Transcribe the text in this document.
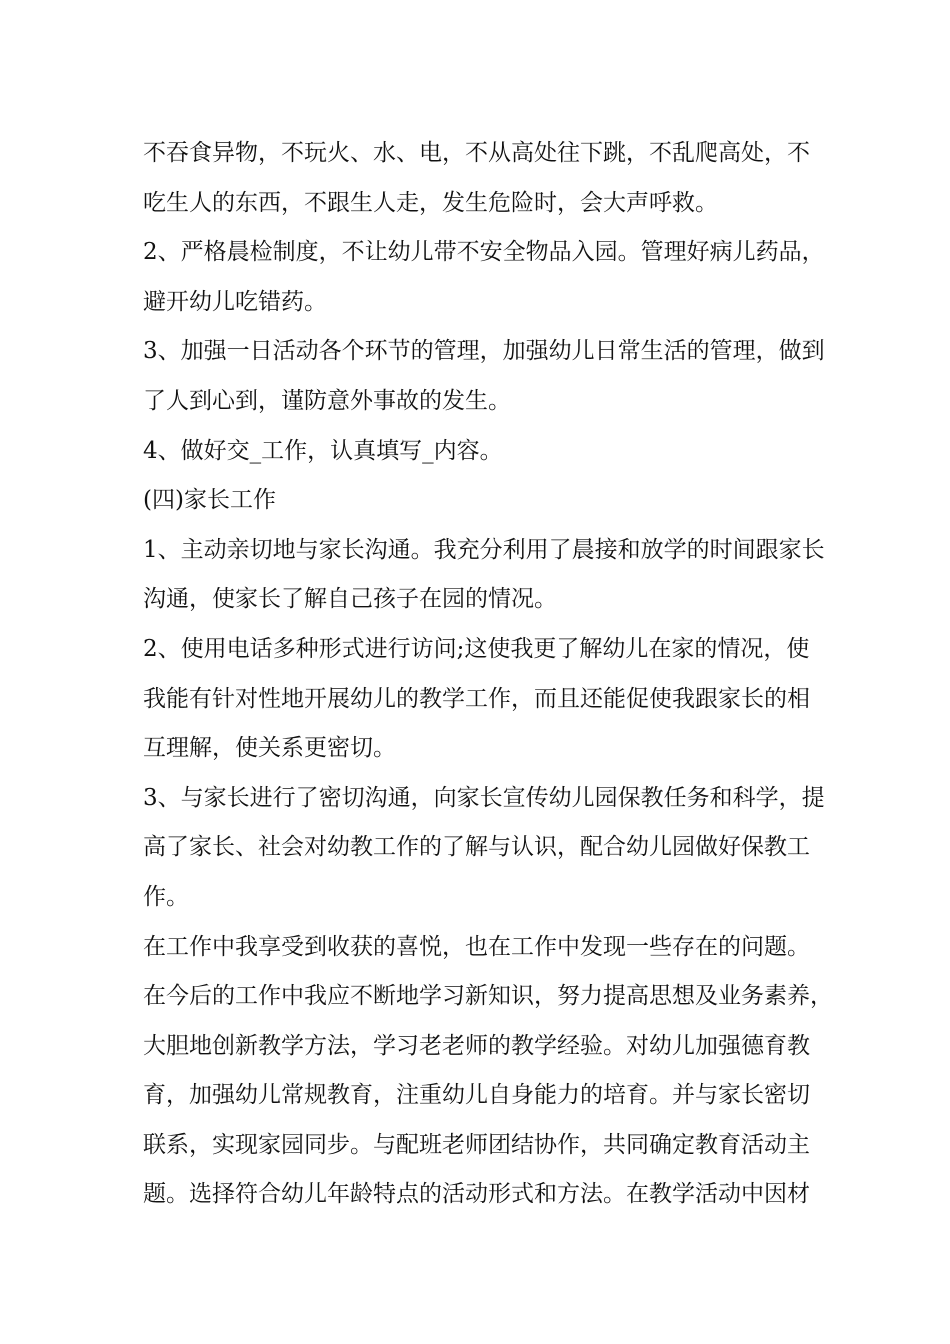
不吞食异物，不玩火、水、电，不从高处往下跳，不乱爬高处，不
吃生人的东西，不跟生人走，发生危险时，会大声呼救。
2、严格晨检制度，不让幼儿带不安全物品入园。管理好病儿药品，
避开幼儿吃错药。
3、加强一日活动各个环节的管理，加强幼儿日常生活的管理，做到
了人到心到，谨防意外事故的发生。
4、做好交_工作，认真填写_内容。
(四)家长工作
1、主动亲切地与家长沟通。我充分利用了晨接和放学的时间跟家长
沟通，使家长了解自己孩子在园的情况。
2、使用电话多种形式进行访问;这使我更了解幼儿在家的情况，使
我能有针对性地开展幼儿的教学工作，而且还能促使我跟家长的相
互理解，使关系更密切。
3、与家长进行了密切沟通，向家长宣传幼儿园保教任务和科学，提
高了家长、社会对幼教工作的了解与认识，配合幼儿园做好保教工
作。
在工作中我享受到收获的喜悦，也在工作中发现一些存在的问题。
在今后的工作中我应不断地学习新知识，努力提高思想及业务素养，
大胆地创新教学方法，学习老老师的教学经验。对幼儿加强德育教
育，加强幼儿常规教育，注重幼儿自身能力的培育。并与家长密切
联系，实现家园同步。与配班老师团结协作，共同确定教育活动主
题。选择符合幼儿年龄特点的活动形式和方法。在教学活动中因材
